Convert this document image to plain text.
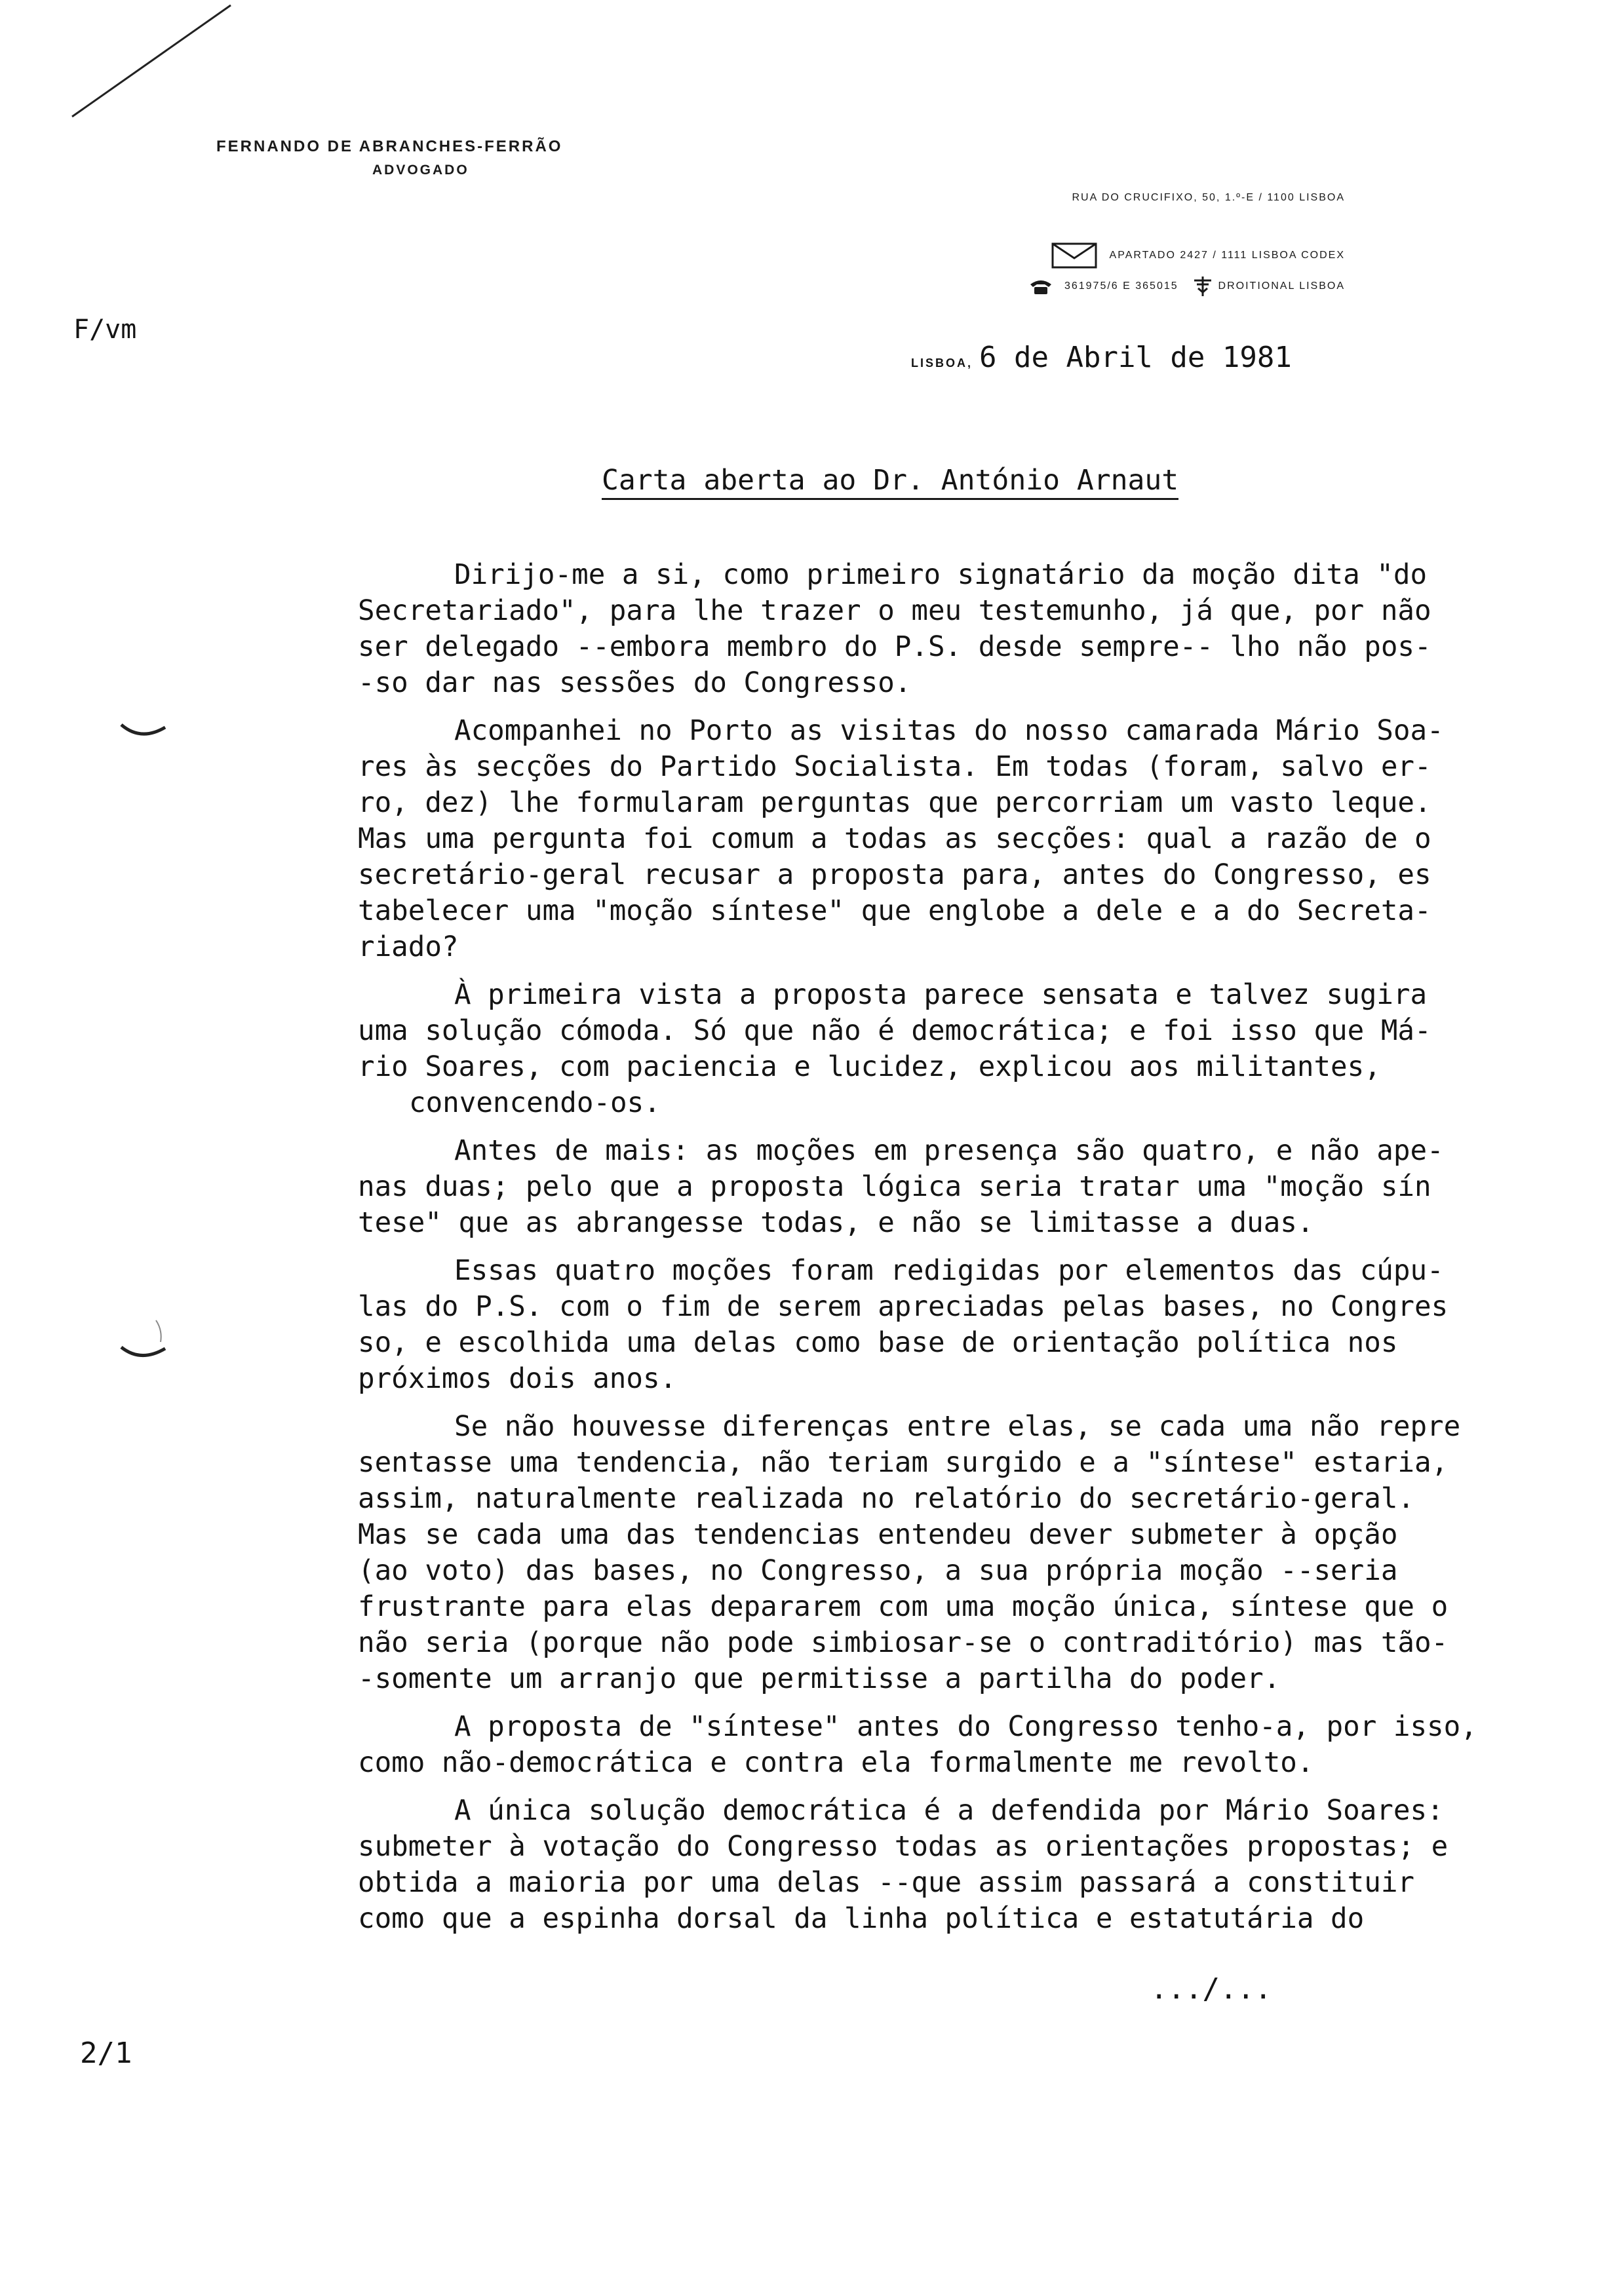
FERNANDO DE ABRANCHES-FERRÃO
ADVOGADO
RUA DO CRUCIFIXO, 50, 1.º-E / 1100 LISBOA
APARTADO 2427 / 1111 LISBOA CODEX
361975/6 E 365015	DROITIONAL LISBOA
F/vm
LISBOA, 6 de Abril de 1981
Carta aberta ao Dr. António Arnaut
Dirijo-me a si, como primeiro signatário da moção dita "do
Secretariado", para lhe trazer o meu testemunho, já que, por não
ser delegado --embora membro do P.S. desde sempre-- lho não pos-
-so dar nas sessões do Congresso.
Acompanhei no Porto as visitas do nosso camarada Mário Soa-
res às secções do Partido Socialista. Em todas (foram, salvo er-
ro, dez) lhe formularam perguntas que percorriam um vasto leque.
Mas uma pergunta foi comum a todas as secções: qual a razão de o
secretário-geral recusar a proposta para, antes do Congresso, es
tabelecer uma "moção síntese" que englobe a dele e a do Secreta-
riado?
À primeira vista a proposta parece sensata e talvez sugira
uma solução cómoda. Só que não é democrática; e foi isso que Má-
rio Soares, com paciencia e lucidez, explicou aos militantes,
convencendo-os.
Antes de mais: as moções em presença são quatro, e não ape-
nas duas; pelo que a proposta lógica seria tratar uma "moção sín
tese" que as abrangesse todas, e não se limitasse a duas.
Essas quatro moções foram redigidas por elementos das cúpu-
las do P.S. com o fim de serem apreciadas pelas bases, no Congres
so, e escolhida uma delas como base de orientação política nos
próximos dois anos.
Se não houvesse diferenças entre elas, se cada uma não repre
sentasse uma tendencia, não teriam surgido e a "síntese" estaria,
assim, naturalmente realizada no relatório do secretário-geral.
Mas se cada uma das tendencias entendeu dever submeter à opção
(ao voto) das bases, no Congresso, a sua própria moção --seria
frustrante para elas depararem com uma moção única, síntese que o
não seria (porque não pode simbiosar-se o contraditório) mas tão-
-somente um arranjo que permitisse a partilha do poder.
A proposta de "síntese" antes do Congresso tenho-a, por isso,
como não-democrática e contra ela formalmente me revolto.
A única solução democrática é a defendida por Mário Soares:
submeter à votação do Congresso todas as orientações propostas; e
obtida a maioria por uma delas --que assim passará a constituir
como que a espinha dorsal da linha política e estatutária do
.../...
2/1
